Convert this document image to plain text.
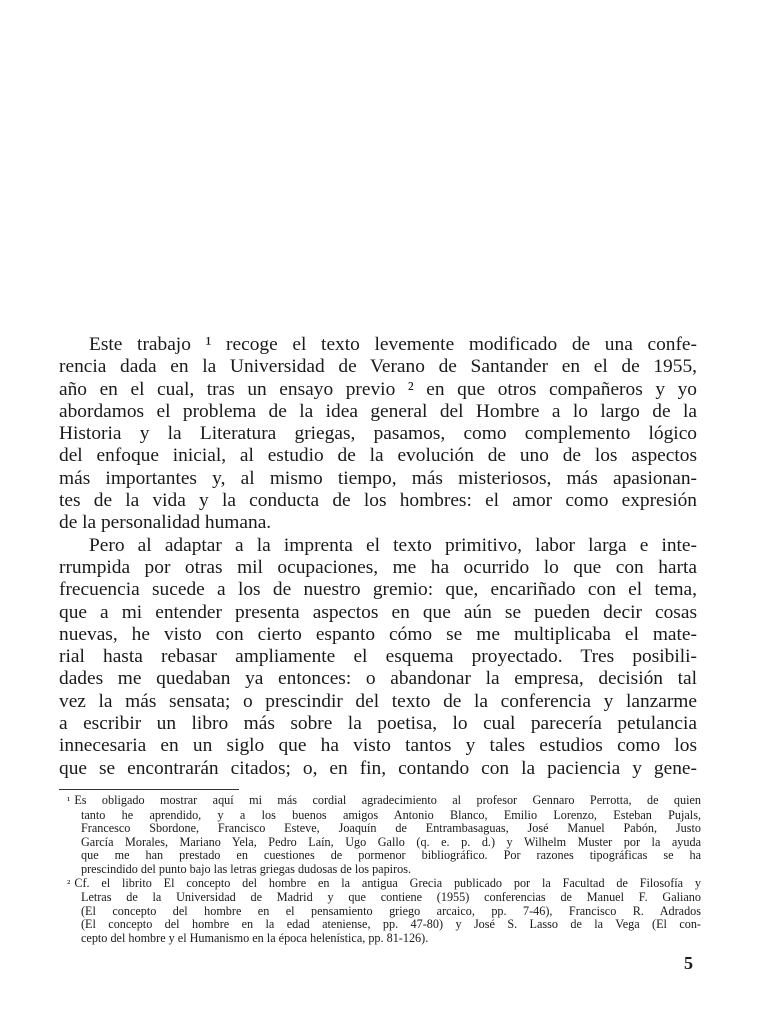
Este trabajo ¹ recoge el texto levemente modificado de una confe-
rencia dada en la Universidad de Verano de Santander en el de 1955,
año en el cual, tras un ensayo previo ² en que otros compañeros y yo
abordamos el problema de la idea general del Hombre a lo largo de la
Historia y la Literatura griegas, pasamos, como complemento lógico
del enfoque inicial, al estudio de la evolución de uno de los aspectos
más importantes y, al mismo tiempo, más misteriosos, más apasionan-
tes de la vida y la conducta de los hombres: el amor como expresión
de la personalidad humana.
Pero al adaptar a la imprenta el texto primitivo, labor larga e inte-
rrumpida por otras mil ocupaciones, me ha ocurrido lo que con harta
frecuencia sucede a los de nuestro gremio: que, encariñado con el tema,
que a mi entender presenta aspectos en que aún se pueden decir cosas
nuevas, he visto con cierto espanto cómo se me multiplicaba el mate-
rial hasta rebasar ampliamente el esquema proyectado. Tres posibili-
dades me quedaban ya entonces: o abandonar la empresa, decisión tal
vez la más sensata; o prescindir del texto de la conferencia y lanzarme
a escribir un libro más sobre la poetisa, lo cual parecería petulancia
innecesaria en un siglo que ha visto tantos y tales estudios como los
que se encontrarán citados; o, en fin, contando con la paciencia y gene-
¹ Es obligado mostrar aquí mi más cordial agradecimiento al profesor Gennaro Perrotta, de quien
tanto he aprendido, y a los buenos amigos Antonio Blanco, Emilio Lorenzo, Esteban Pujals,
Francesco Sbordone, Francisco Esteve, Joaquín de Entrambasaguas, José Manuel Pabón, Justo
García Morales, Mariano Yela, Pedro Laín, Ugo Gallo (q. e. p. d.) y Wilhelm Muster por la ayuda
que me han prestado en cuestiones de pormenor bibliográfico. Por razones tipográficas se ha
prescindido del punto bajo las letras griegas dudosas de los papiros.
² Cf. el librito El concepto del hombre en la antigua Grecia publicado por la Facultad de Filosofía y
Letras de la Universidad de Madrid y que contiene (1955) conferencias de Manuel F. Galiano
(El concepto del hombre en el pensamiento griego arcaico, pp. 7-46), Francisco R. Adrados
(El concepto del hombre en la edad ateniense, pp. 47-80) y José S. Lasso de la Vega (El con-
cepto del hombre y el Humanismo en la época helenística, pp. 81-126).
5
